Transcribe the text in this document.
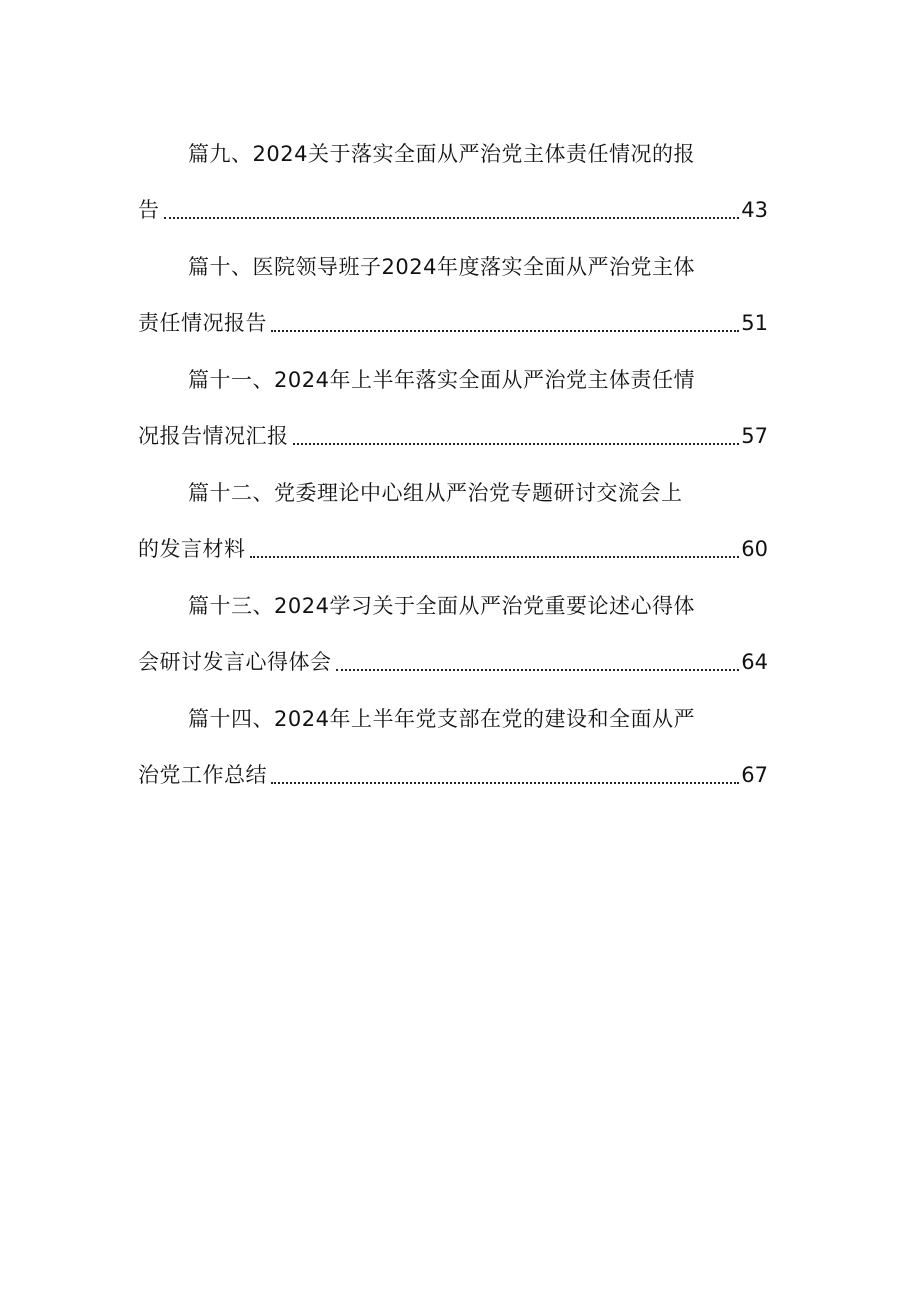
篇九、2024关于落实全面从严治党主体责任情况的报
告	43
篇十、医院领导班子2024年度落实全面从严治党主体
责任情况报告	51
篇十一、2024年上半年落实全面从严治党主体责任情
况报告情况汇报	57
篇十二、党委理论中心组从严治党专题研讨交流会上
的发言材料	60
篇十三、2024学习关于全面从严治党重要论述心得体
会研讨发言心得体会	64
篇十四、2024年上半年党支部在党的建设和全面从严
治党工作总结	67
